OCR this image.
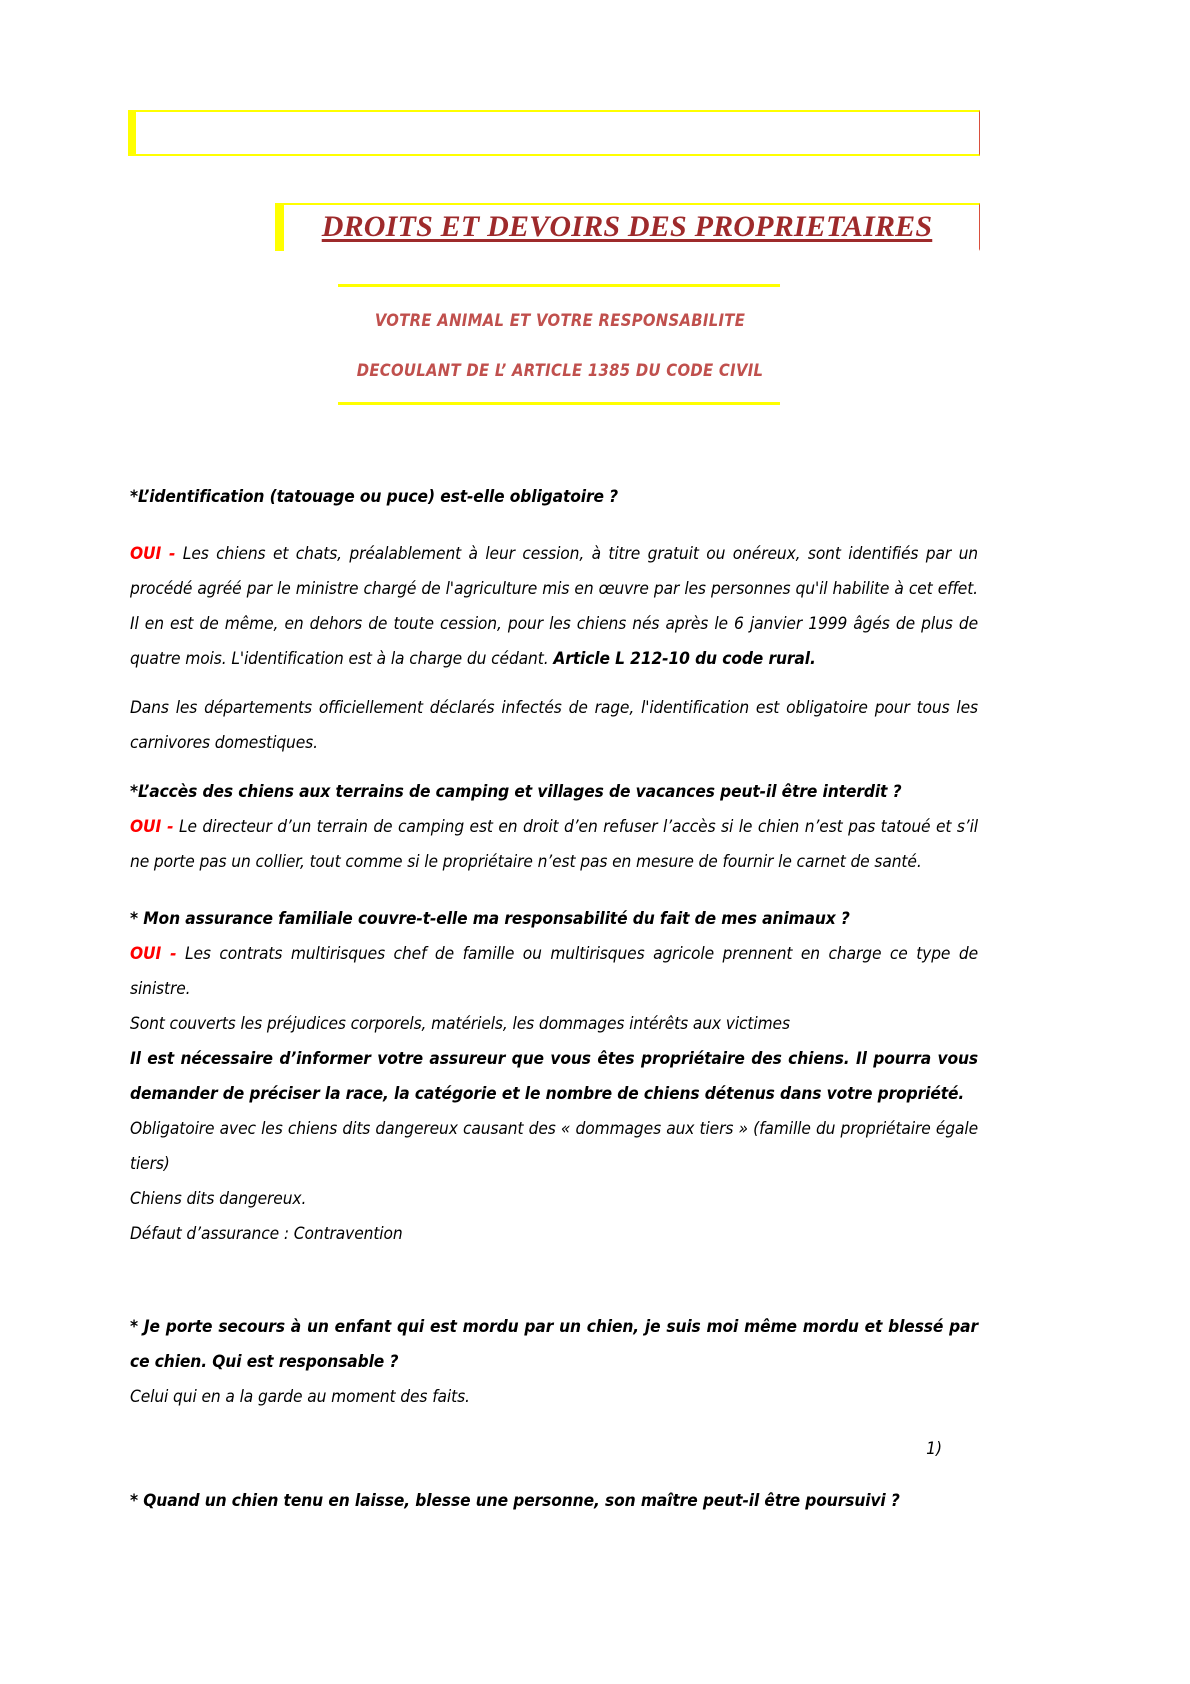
DROITS ET DEVOIRS DES PROPRIETAIRES
VOTRE ANIMAL ET VOTRE RESPONSABILITE
DECOULANT DE L’ ARTICLE 1385 DU CODE CIVIL

*L’identification (tatouage ou puce) est-elle obligatoire ?

OUI - Les chiens et chats, préalablement à leur cession, à titre gratuit ou onéreux, sont identifiés par un procédé agréé par le ministre chargé de l'agriculture mis en œuvre par les personnes qu'il habilite à cet effet. Il en est de même, en dehors de toute cession, pour les chiens nés après le 6 janvier 1999 âgés de plus de quatre mois. L'identification est à la charge du cédant. Article L 212-10 du code rural.

Dans les départements officiellement déclarés infectés de rage, l'identification est obligatoire pour tous les carnivores domestiques.

*L’accès des chiens aux terrains de camping et villages de vacances peut-il être interdit ?

OUI - Le directeur d’un terrain de camping est en droit d’en refuser l’accès si le chien n’est pas tatoué et s’il ne porte pas un collier, tout comme si le propriétaire n’est pas en mesure de fournir le carnet de santé.

* Mon assurance familiale couvre-t-elle ma responsabilité du fait de mes animaux ?

OUI - Les contrats multirisques chef de famille ou multirisques agricole prennent en charge ce type de sinistre.

Sont couverts les préjudices corporels, matériels, les dommages intérêts aux victimes

Il est nécessaire d’informer votre assureur que vous êtes propriétaire des chiens. Il pourra vous demander de préciser la race, la catégorie et le nombre de chiens détenus dans votre propriété.

Obligatoire avec les chiens dits dangereux causant des « dommages aux tiers » (famille du propriétaire égale tiers)

Chiens dits dangereux.

Défaut d’assurance : Contravention

* Je porte secours à un enfant qui est mordu par un chien, je suis moi même mordu et blessé par ce chien. Qui est responsable ?

Celui qui en a la garde au moment des faits.

1)

* Quand un chien tenu en laisse, blesse une personne, son maître peut-il être poursuivi ?
